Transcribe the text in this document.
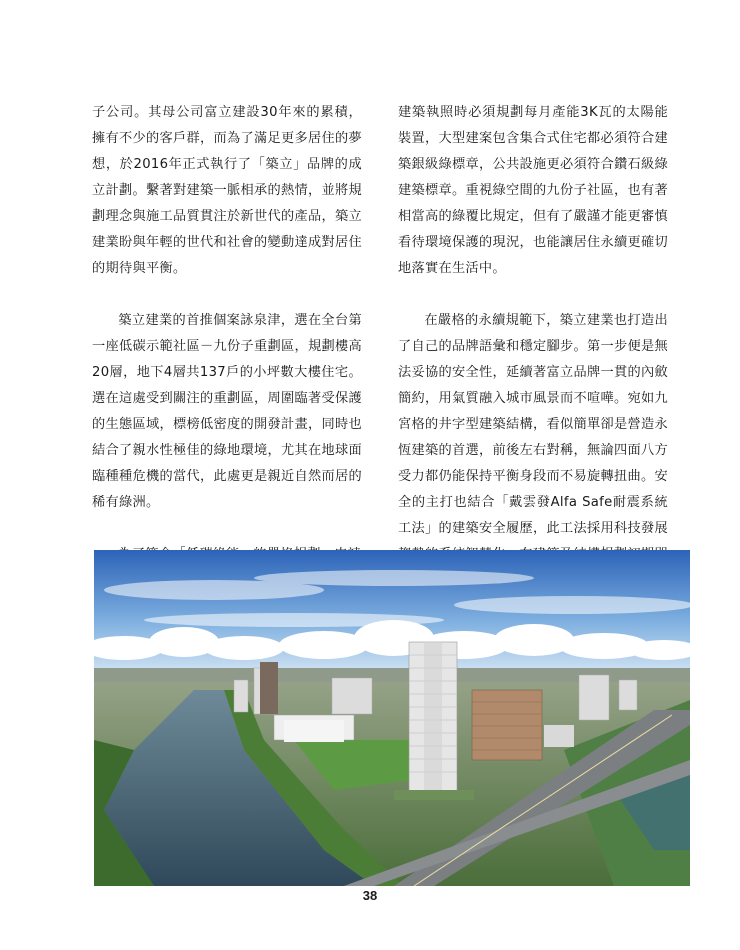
子公司。其母公司富立建設30年來的累積，擁有不少的客戶群，而為了滿足更多居住的夢想，於2016年正式執行了「築立」品牌的成立計劃。繫著對建築一脈相承的熱情，並將規劃理念與施工品質貫注於新世代的產品，築立建業盼與年輕的世代和社會的變動達成對居住的期待與平衡。

築立建業的首推個案詠泉津，選在全台第一座低碳示範社區－九份子重劃區，規劃樓高20層，地下4層共137戶的小坪數大樓住宅。選在這處受到關注的重劃區，周圍臨著受保護的生態區域，標榜低密度的開發計畫，同時也結合了親水性極佳的綠地環境，尤其在地球面臨種種危機的當代，此處更是親近自然而居的稀有綠洲。

建築執照時必須規劃每月產能3K瓦的太陽能裝置，大型建案包含集合式住宅都必須符合建築銀級綠標章，公共設施更必須符合鑽石級綠建築標章。重視綠空間的九份子社區，也有著相當高的綠覆比規定，但有了嚴謹才能更審慎看待環境保護的現況，也能讓居住永續更確切地落實在生活中。

在嚴格的永續規範下，築立建業也打造出了自己的品牌語彙和穩定腳步。第一步便是無法妥協的安全性，延續著富立品牌一貫的內斂簡約，用氣質融入城市風景而不喧嘩。宛如九宮格的井字型建築結構，看似簡單卻是營造永恆建築的首選，前後左右對稱，無論四面八方受力都仍能保持平衡身段而不易旋轉扭曲。安全的主打也結合「戴雲發Alfa Safe耐震系統工法」的建築安全履歷，此工法採用科技發展

38
